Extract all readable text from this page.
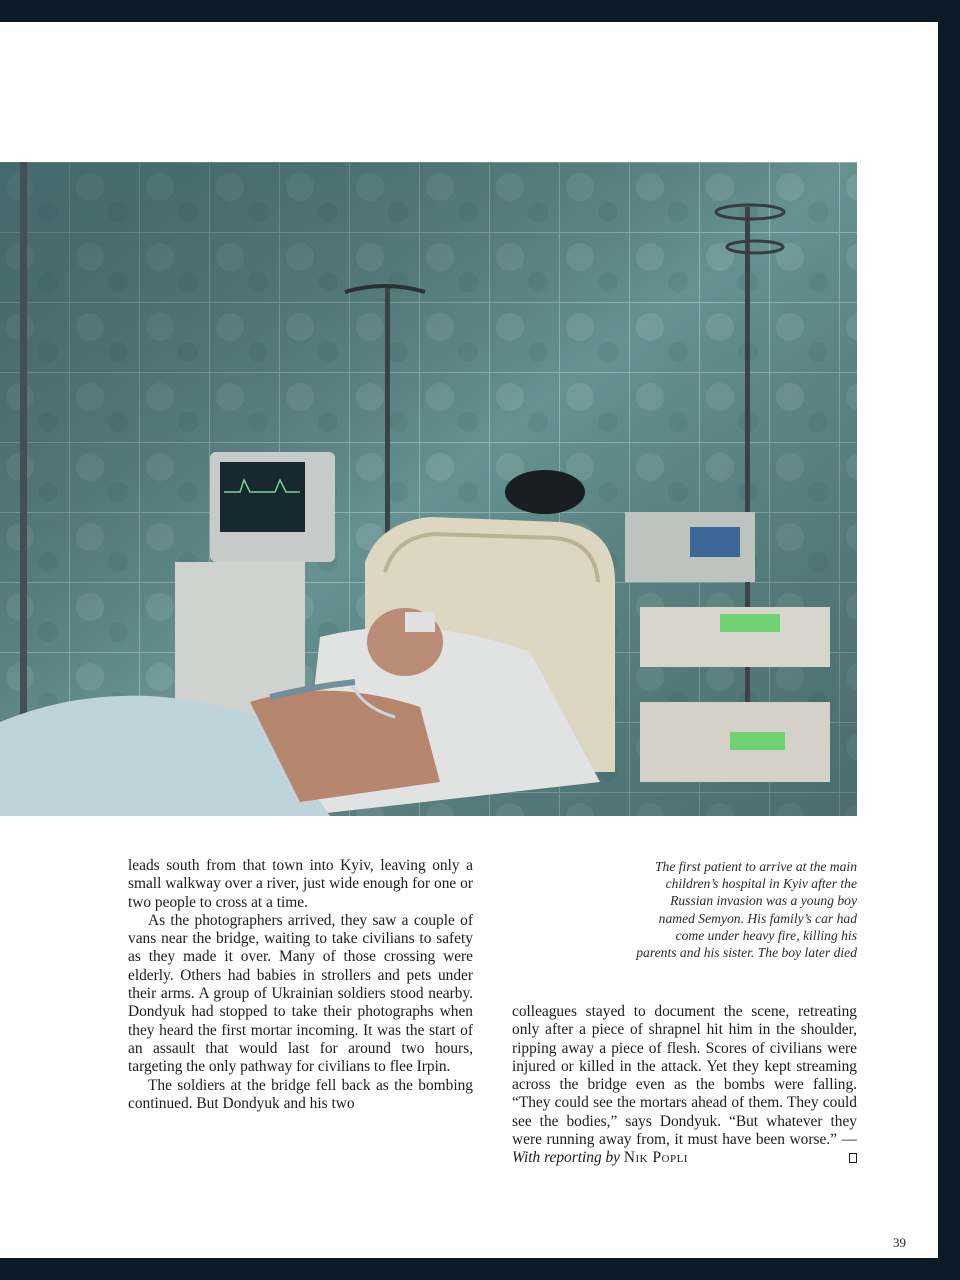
leads south from that town into Kyiv, leaving only a small walkway over a river, just wide enough for one or two people to cross at a time.

As the photographers arrived, they saw a couple of vans near the bridge, waiting to take civilians to safety as they made it over. Many of those crossing were elderly. Others had babies in strollers and pets under their arms. A group of Ukrainian soldiers stood nearby. Dondyuk had stopped to take their photographs when they heard the first mortar incoming. It was the start of an assault that would last for around two hours, targeting the only pathway for civilians to flee Irpin.

The soldiers at the bridge fell back as the bombing continued. But Dondyuk and his two

The first patient to arrive at the main children’s hospital in Kyiv after the Russian invasion was a young boy named Semyon. His family’s car had come under heavy fire, killing his parents and his sister. The boy later died

colleagues stayed to document the scene, retreating only after a piece of shrapnel hit him in the shoulder, ripping away a piece of flesh. Scores of civilians were injured or killed in the attack. Yet they kept streaming across the bridge even as the bombs were falling. “They could see the mortars ahead of them. They could see the bodies,” says Dondyuk. “But whatever they were running away from, it must have been worse.” —With reporting by Nik Popli

39
